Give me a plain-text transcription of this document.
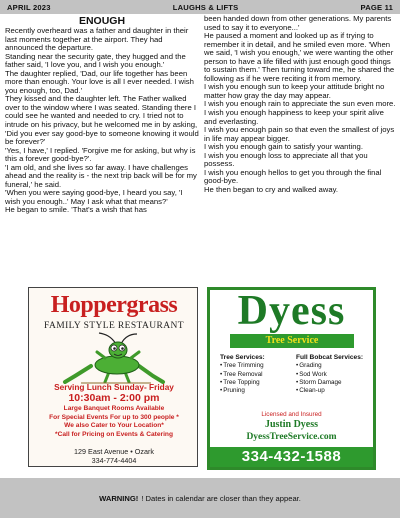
APRIL 2023	LAUGHS & LIFTS	PAGE 11
ENOUGH

Recently overheard was a father and daughter in their last moments together at the airport. They had announced the departure.

Standing near the security gate, they hugged and the father said, 'I love you, and I wish you enough.'

The daughter replied, 'Dad, our life together has been more than enough. Your love is all I ever needed. I wish you enough, too, Dad.'

They kissed and the daughter left. The Father walked over to the window where I was seated. Standing there I could see he wanted and needed to cry. I tried not to intrude on his privacy, but he welcomed me in by asking, 'Did you ever say good-bye to someone knowing it would be forever?'

'Yes, I have,' I replied. 'Forgive me for asking, but why is this a forever good-bye?'.

'I am old, and she lives so far away. I have challenges ahead and the reality is - the next trip back will be for my funeral,' he said.

'When you were saying good-bye, I heard you say, 'I wish you enough..' May I ask what that means?'

He began to smile. 'That's a wish that has

been handed down from other generations. My parents used to say it to everyone...'

He paused a moment and looked up as if trying to remember it in detail, and he smiled even more. 'When we said, 'I wish you enough,' we were wanting the other person to have a life filled with just enough good things to sustain them.' Then turning toward me, he shared the following as if he were reciting it from memory.

I wish you enough sun to keep your attitude bright no matter how gray the day may appear.

I wish you enough rain to appreciate the sun even more.

I wish you enough happiness to keep your spirit alive and everlasting.

I wish you enough pain so that even the smallest of joys in life may appear bigger.

I wish you enough gain to satisfy your wanting.

I wish you enough loss to appreciate all that you possess.

I wish you enough hellos to get you through the final good-bye.

He then began to cry and walked away.

Hoppergrass
FAMILY STYLE RESTAURANT
Serving Lunch Sunday- Friday
10:30am - 2:00 pm
Large Banquet Rooms Available
For Special Events For up to 300 people *
We also Cater to Your Location*
*Call for Pricing on Events & Catering
129 East Avenue • Ozark
334-774-4404
Dyess
Tree Service
Tree Services:
• Tree Trimming
• Tree Removal
• Tree Topping
• Pruning
Full Bobcat Services:
• Grading
• Sod Work
• Storm Damage
• Clean-up
Licensed and Insured
Justin Dyess
DyessTreeService.com
334-432-1588
WARNING! ! Dates in calendar are closer than they appear.
